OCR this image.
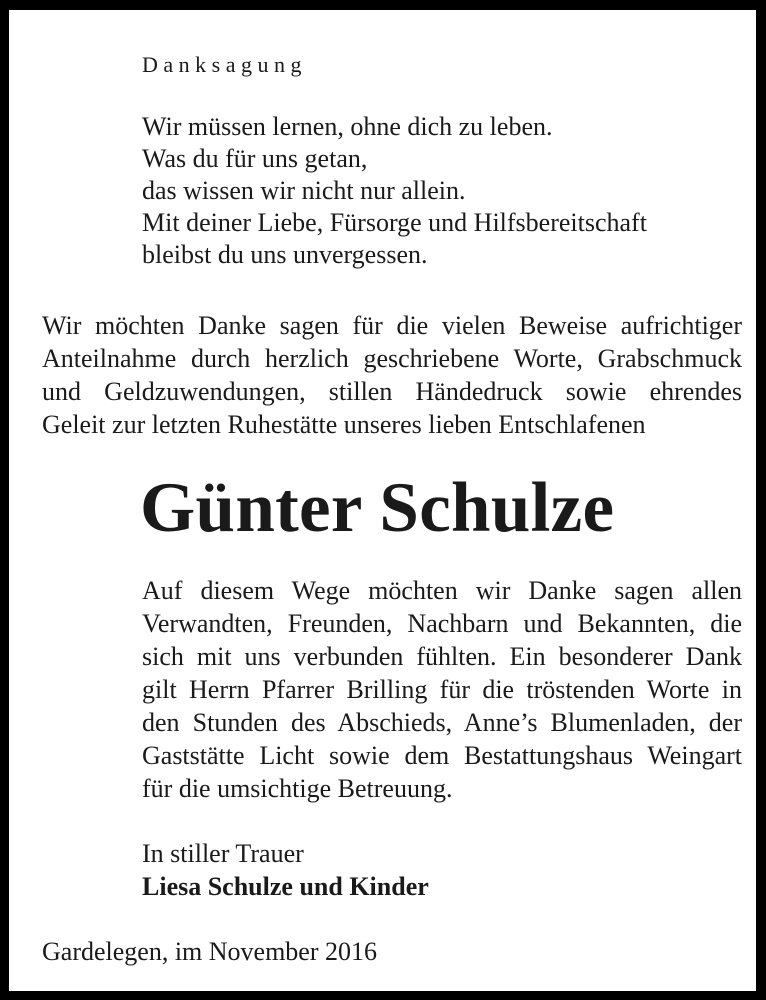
Danksagung

Wir müssen lernen, ohne dich zu leben.
Was du für uns getan,
das wissen wir nicht nur allein.
Mit deiner Liebe, Fürsorge und Hilfsbereitschaft
bleibst du uns unvergessen.
Wir möchten Danke sagen für die vielen Beweise aufrichtiger
Anteilnahme durch herzlich geschriebene Worte, Grabschmuck
und Geldzuwendungen, stillen Händedruck sowie ehrendes
Geleit zur letzten Ruhestätte unseres lieben Entschlafenen
Günter Schulze
Auf diesem Wege möchten wir Danke sagen allen
Verwandten, Freunden, Nachbarn und Bekannten, die
sich mit uns verbunden fühlten. Ein besonderer Dank
gilt Herrn Pfarrer Brilling für die tröstenden Worte in
den Stunden des Abschieds, Anne’s Blumenladen, der
Gaststätte Licht sowie dem Bestattungshaus Weingart
für die umsichtige Betreuung.
In stiller Trauer
Liesa Schulze und Kinder

Gardelegen, im November 2016
